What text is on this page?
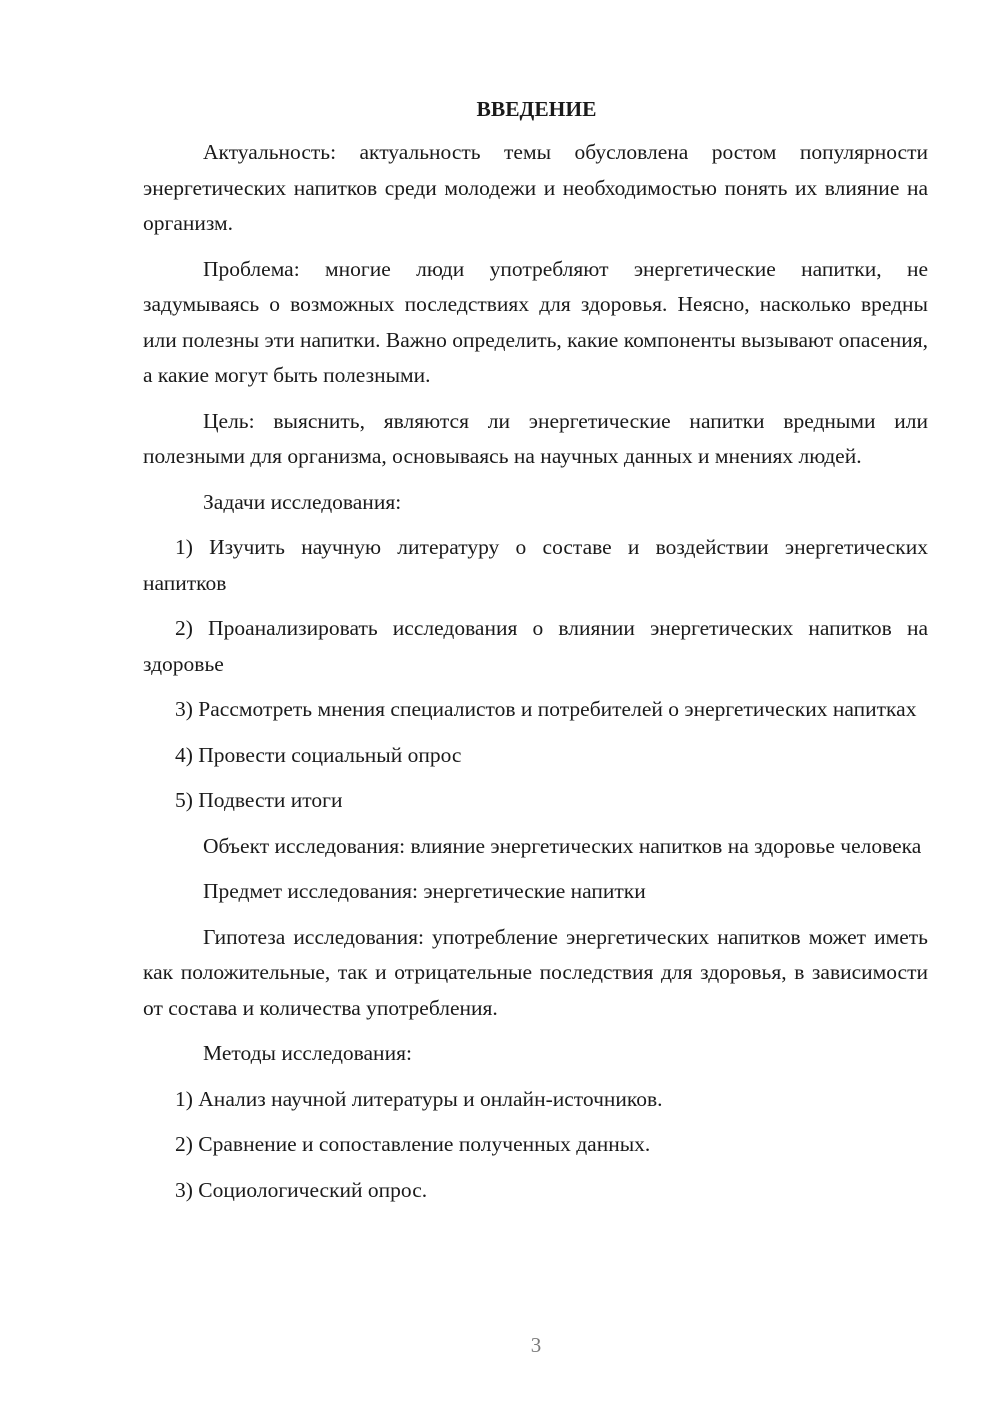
ВВЕДЕНИЕ

Актуальность: актуальность темы обусловлена ростом популярности энергетических напитков среди молодежи и необходимостью понять их влияние на организм.

Проблема: многие люди употребляют энергетические напитки, не задумываясь о возможных последствиях для здоровья. Неясно, насколько вредны или полезны эти напитки. Важно определить, какие компоненты вызывают опасения, а какие могут быть полезными.

Цель: выяснить, являются ли энергетические напитки вредными или полезными для организма, основываясь на научных данных и мнениях людей.

Задачи исследования:

1) Изучить научную литературу о составе и воздействии энергетических напитков

2) Проанализировать исследования о влиянии энергетических напитков на здоровье

3) Рассмотреть мнения специалистов и потребителей о энергетических напитках

4) Провести социальный опрос

5) Подвести итоги

Объект исследования: влияние энергетических напитков на здоровье человека

Предмет исследования: энергетические напитки

Гипотеза исследования: употребление энергетических напитков может иметь как положительные, так и отрицательные последствия для здоровья, в зависимости от состава и количества употребления.

Методы исследования:

1) Анализ научной литературы и онлайн-источников.

2) Сравнение и сопоставление полученных данных.

3) Социологический опрос.

3
